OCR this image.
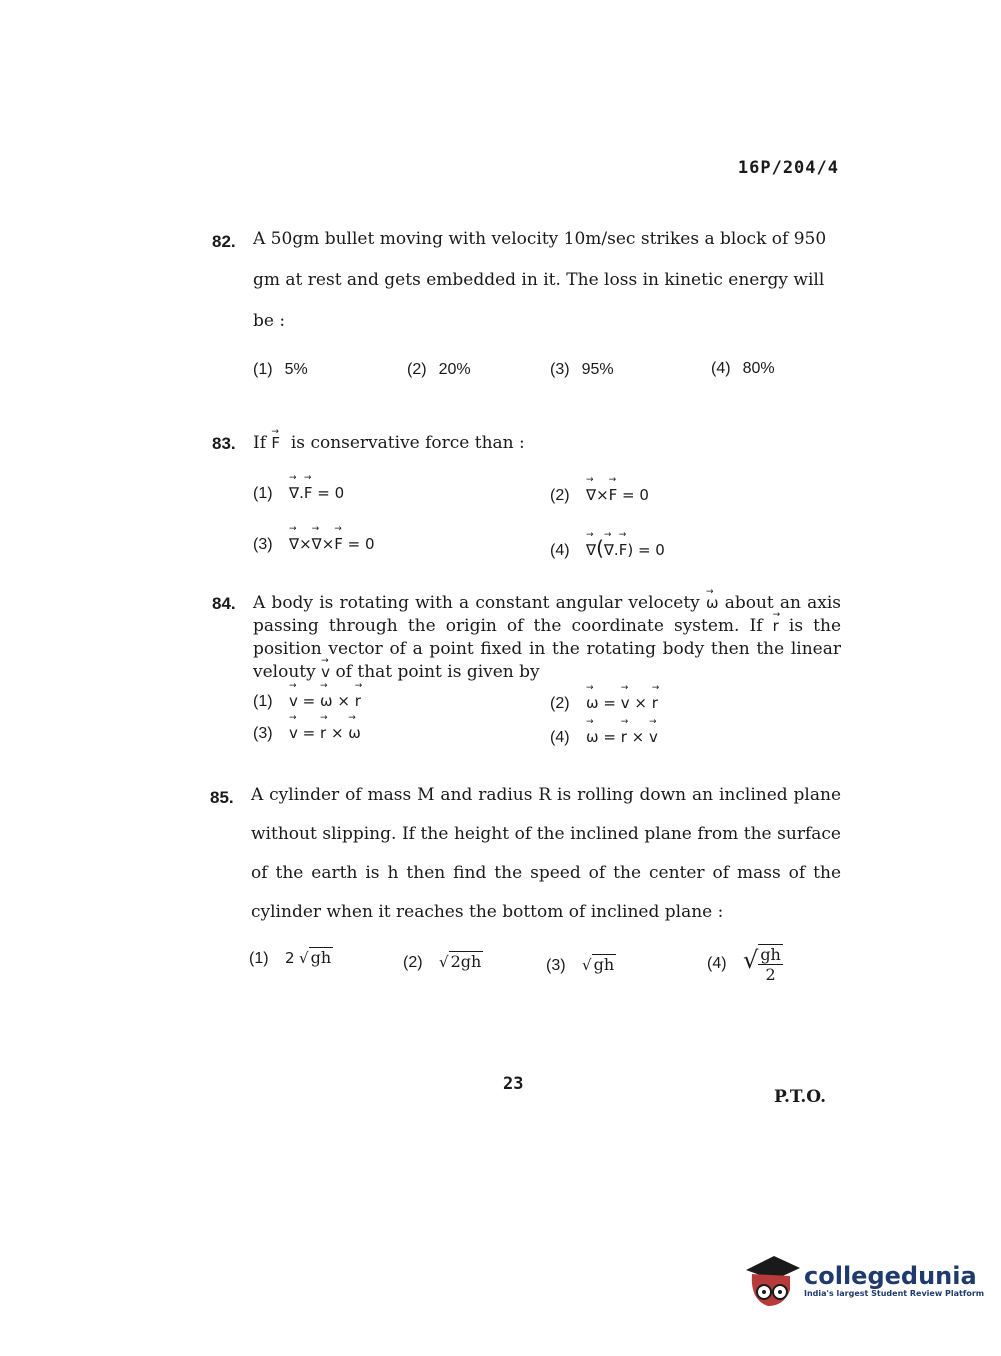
16P/204/4
82. A 50gm bullet moving with velocity 10m/sec strikes a block of 950 gm at rest and gets embedded in it. The loss in kinetic energy will be :
(1) 5%	(2) 20%	(3) 95%	(4) 80%
83. If → F is conservative force than :
(1) → ∇.→ F = 0	(2) → ∇×→ F = 0
(3) → ∇×→ ∇×→ F = 0	(4) → ∇(→ ∇.→ F) = 0
84. A body is rotating with a constant angular velocety → ω about an axis passing through the origin of the coordinate system. If → r is the position vector of a point fixed in the rotating body then the linear velouty → v of that point is given by
(1) → v = → ω × → r	(2) → ω = → v × → r
(3) → v = → r × → ω	(4) → ω = → r × → v
85. A cylinder of mass M and radius R is rolling down an inclined plane without slipping. If the height of the inclined plane from the surface of the earth is h then find the speed of the center of mass of the cylinder when it reaches the bottom of inclined plane :
(1) 2 √ gh	(2) √ 2gh	(3) √ gh	(4) √ $\frac{gh}{2}$
23
P.T.O.
collegedunia
India's largest Student Review Platform
